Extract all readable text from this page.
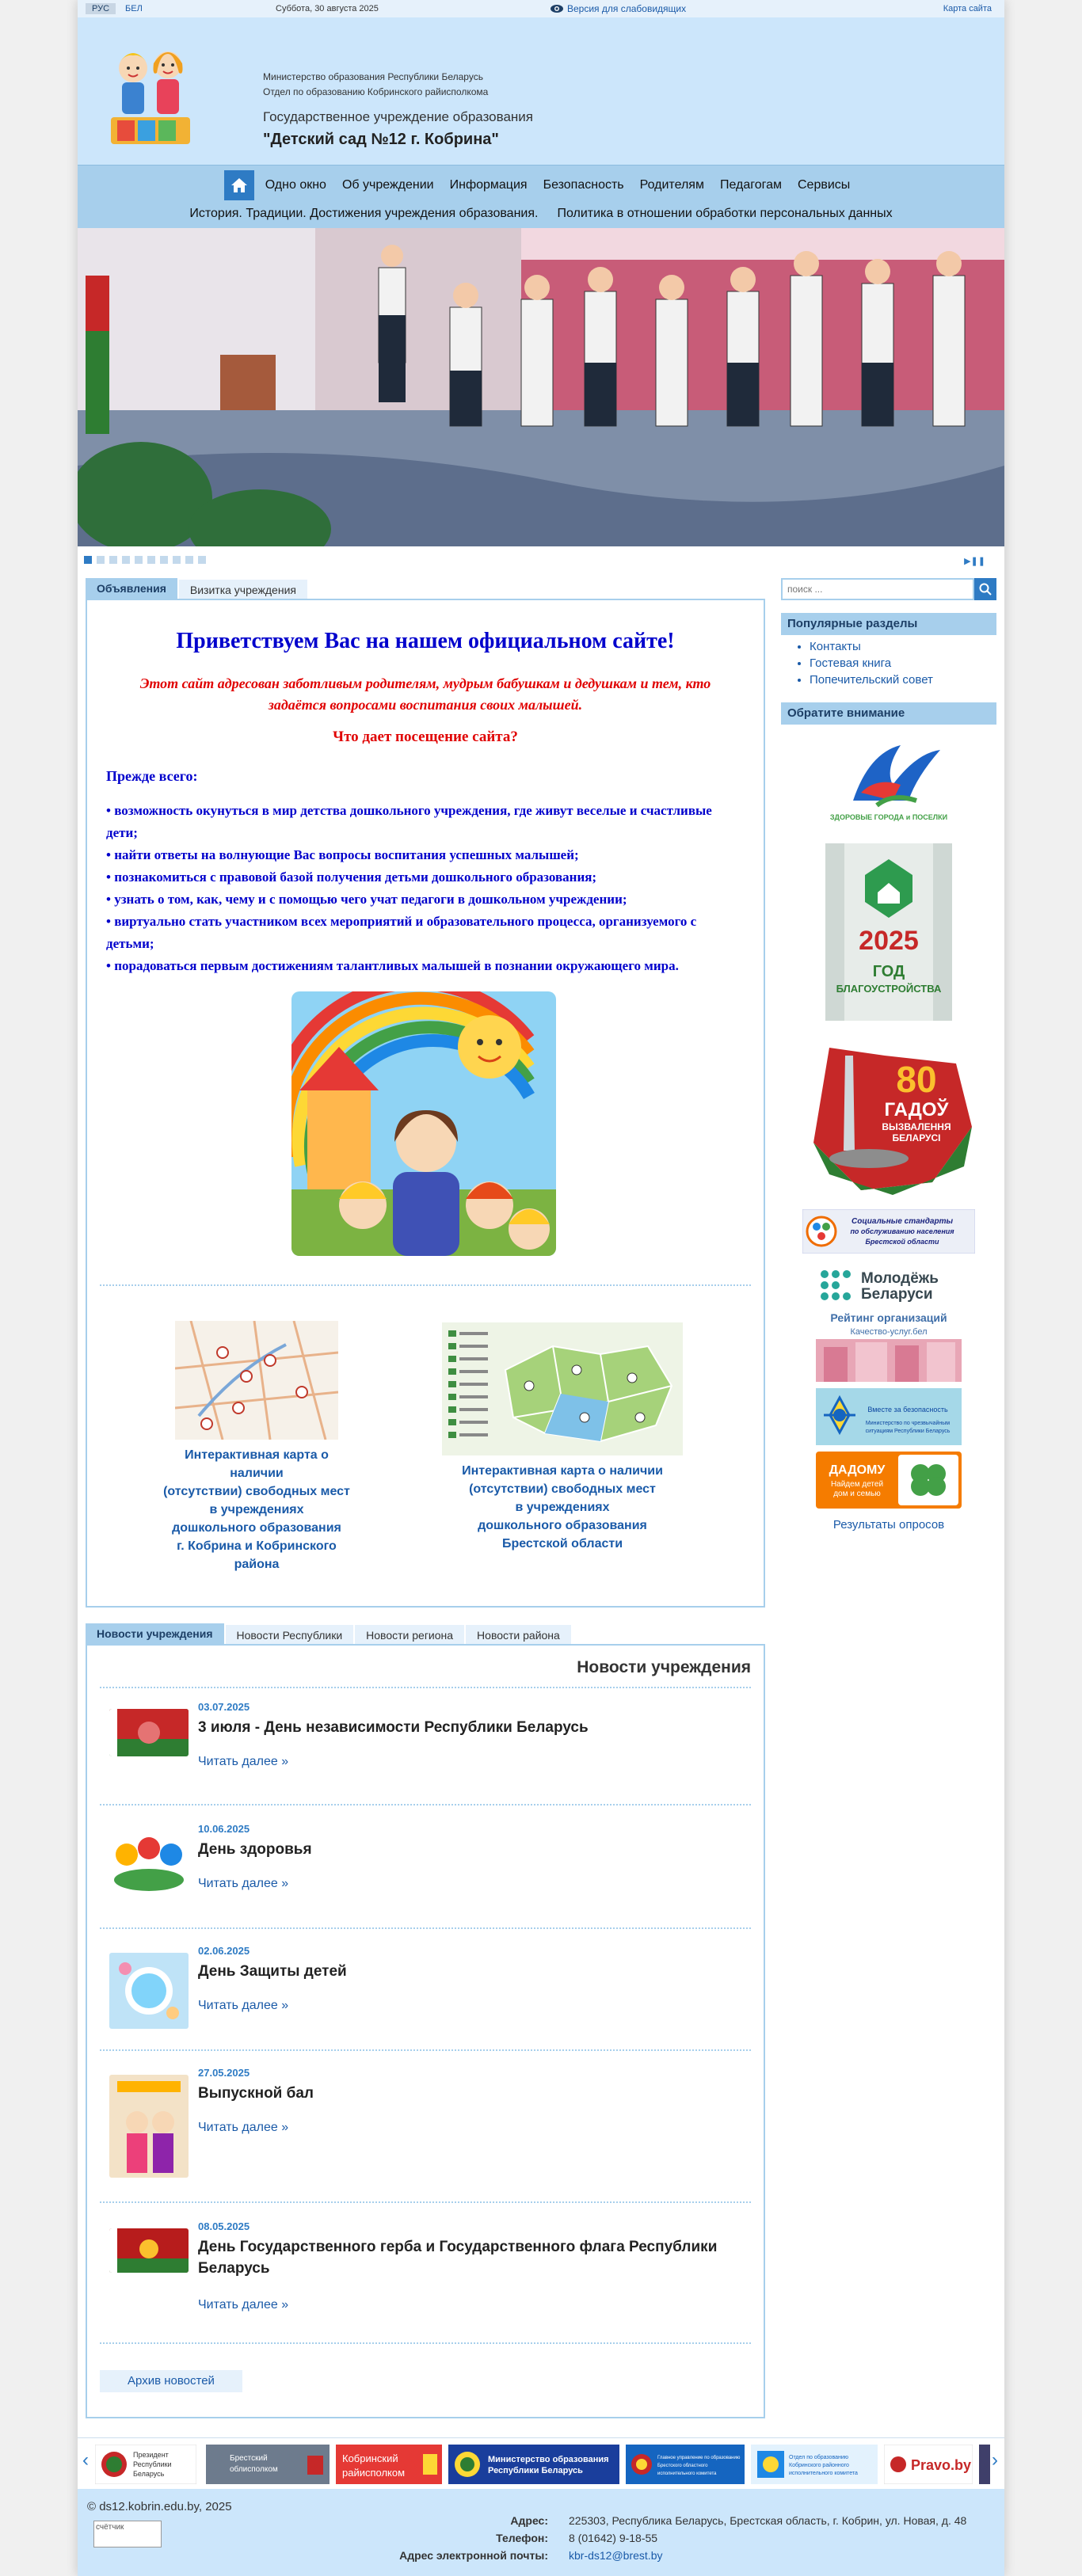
РУС	БЕЛ	Суббота, 30 августа 2025	Версия для слабовидящих	Карта сайта
Министерство образования Республики Беларусь
Отдел по образованию Кобринского райисполкома
Государственное учреждение образования
"Детский сад №12 г. Кобрина"
Одно окно	Об учреждении	Информация	Безопасность	Родителям	Педагогам	Сервисы
История. Традиции. Достижения учреждения образования. Политика в отношении обработки персональных данных
▶❚❚
Объявления	Визитка учреждения
Приветствуем Вас на нашем официальном сайте!
Этот сайт адресован заботливым родителям, мудрым бабушкам и дедушкам и тем, кто задаётся вопросами воспитания своих малышей.
Что дает посещение сайта?
Прежде всего:
• возможность окунуться в мир детства дошкольного учреждения, где живут веселые и счастливые дети;
• найти ответы на волнующие Вас вопросы воспитания успешных малышей;
• познакомиться с правовой базой получения детьми дошкольного образования;
• узнать о том, как, чему и с помощью чего учат педагоги в дошкольном учреждении;
• виртуально стать участником всех мероприятий и образовательного процесса, организуемого с детьми;
• порадоваться первым достижениям талантливых малышей в познании окружающего мира.
Интерактивная карта о наличии
(отсутствии) свободных мест
в учреждениях
дошкольного образования
г. Кобрина и Кобринского района
Интерактивная карта о наличии
(отсутствии) свободных мест
в учреждениях
дошкольного образования
Брестской области
Новости учреждения	Новости Республики	Новости региона	Новости района
Новости учреждения
03.07.2025
3 июля - День независимости Республики Беларусь
Читать далее »
10.06.2025
День здоровья
Читать далее »
02.06.2025
День Защиты детей
Читать далее »
27.05.2025
Выпускной бал
Читать далее »
08.05.2025
День Государственного герба и Государственного флага Республики Беларусь
Читать далее »
Архив новостей
поиск ...
Популярные разделы
• Контакты
• Гостевая книга
• Попечительский совет
Обратите внимание
ЗДОРОВЫЕ ГОРОДА и ПОСЕЛКИ
2025
ГОД
БЛАГОУСТРОЙСТВА
80
ГАДОЎ
ВЫЗВАЛЕННЯ
БЕЛАРУСІ
Социальные стандарты
по обслуживанию населения
Брестской области
Молодёжь
Беларуси
Рейтинг организаций
Качество-услуг.бел
Вместе за безопасность
Министерство по чрезвычайным
ситуациям Республики Беларусь
ДАДОМУ
Найдем детей
дом и семью
Результаты опросов
‹	Президент
Республики
Беларусь
Брестский
облисполком
Кобринский
райисполком
Министерство образования
Республики Беларусь
Главное управление по образованию
Брестского областного
исполнительного комитета
Отдел по образованию
Кобринского районного
исполнительного комитета
Pravo.by ›
© ds12.kobrin.edu.by, 2025
счётчик
Адрес: 225303, Республика Беларусь, Брестская область, г. Кобрин, ул. Новая, д. 48
Телефон: 8 (01642) 9-18-55
Адрес электронной почты: kbr-ds12@brest.by
